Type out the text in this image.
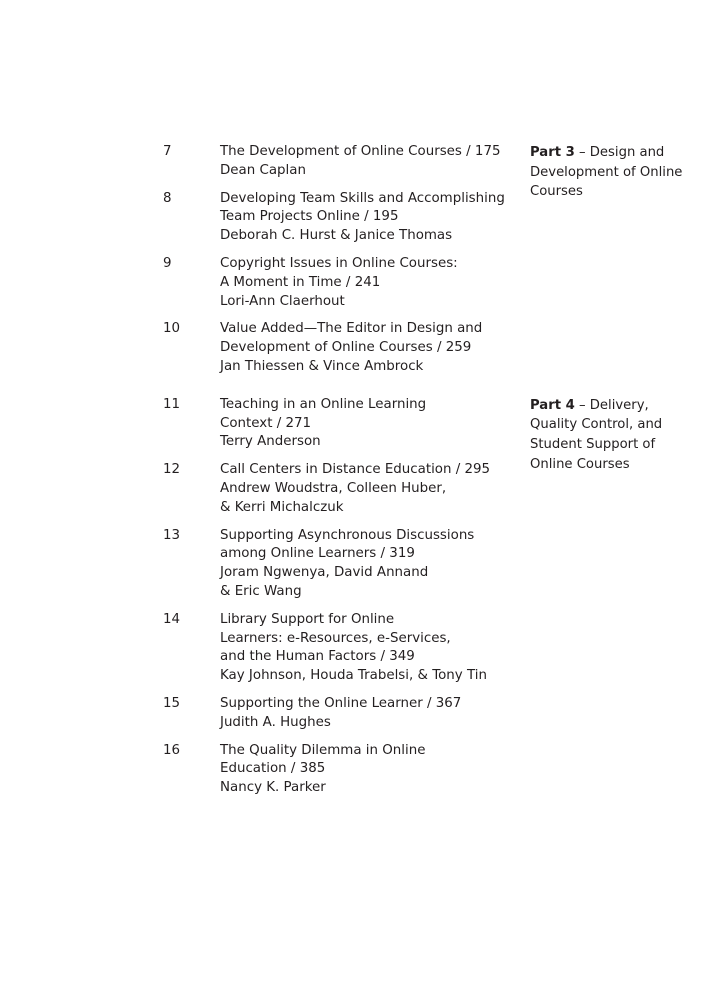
Part 3 – Design and Development of Online Courses
7	The Development of Online Courses / 175
Dean Caplan
8	Developing Team Skills and Accomplishing
Team Projects Online / 195
Deborah C. Hurst & Janice Thomas
9	Copyright Issues in Online Courses:
A Moment in Time / 241
Lori-Ann Claerhout
10	Value Added—The Editor in Design and
Development of Online Courses / 259
Jan Thiessen & Vince Ambrock
Part 4 – Delivery, Quality Control, and Student Support of Online Courses
11	Teaching in an Online Learning
Context / 271
Terry Anderson
12	Call Centers in Distance Education / 295
Andrew Woudstra, Colleen Huber,
& Kerri Michalczuk
13	Supporting Asynchronous Discussions
among Online Learners / 319
Joram Ngwenya, David Annand
& Eric Wang
14	Library Support for Online
Learners: e-Resources, e-Services,
and the Human Factors / 349
Kay Johnson, Houda Trabelsi, & Tony Tin
15	Supporting the Online Learner / 367
Judith A. Hughes
16	The Quality Dilemma in Online
Education / 385
Nancy K. Parker
